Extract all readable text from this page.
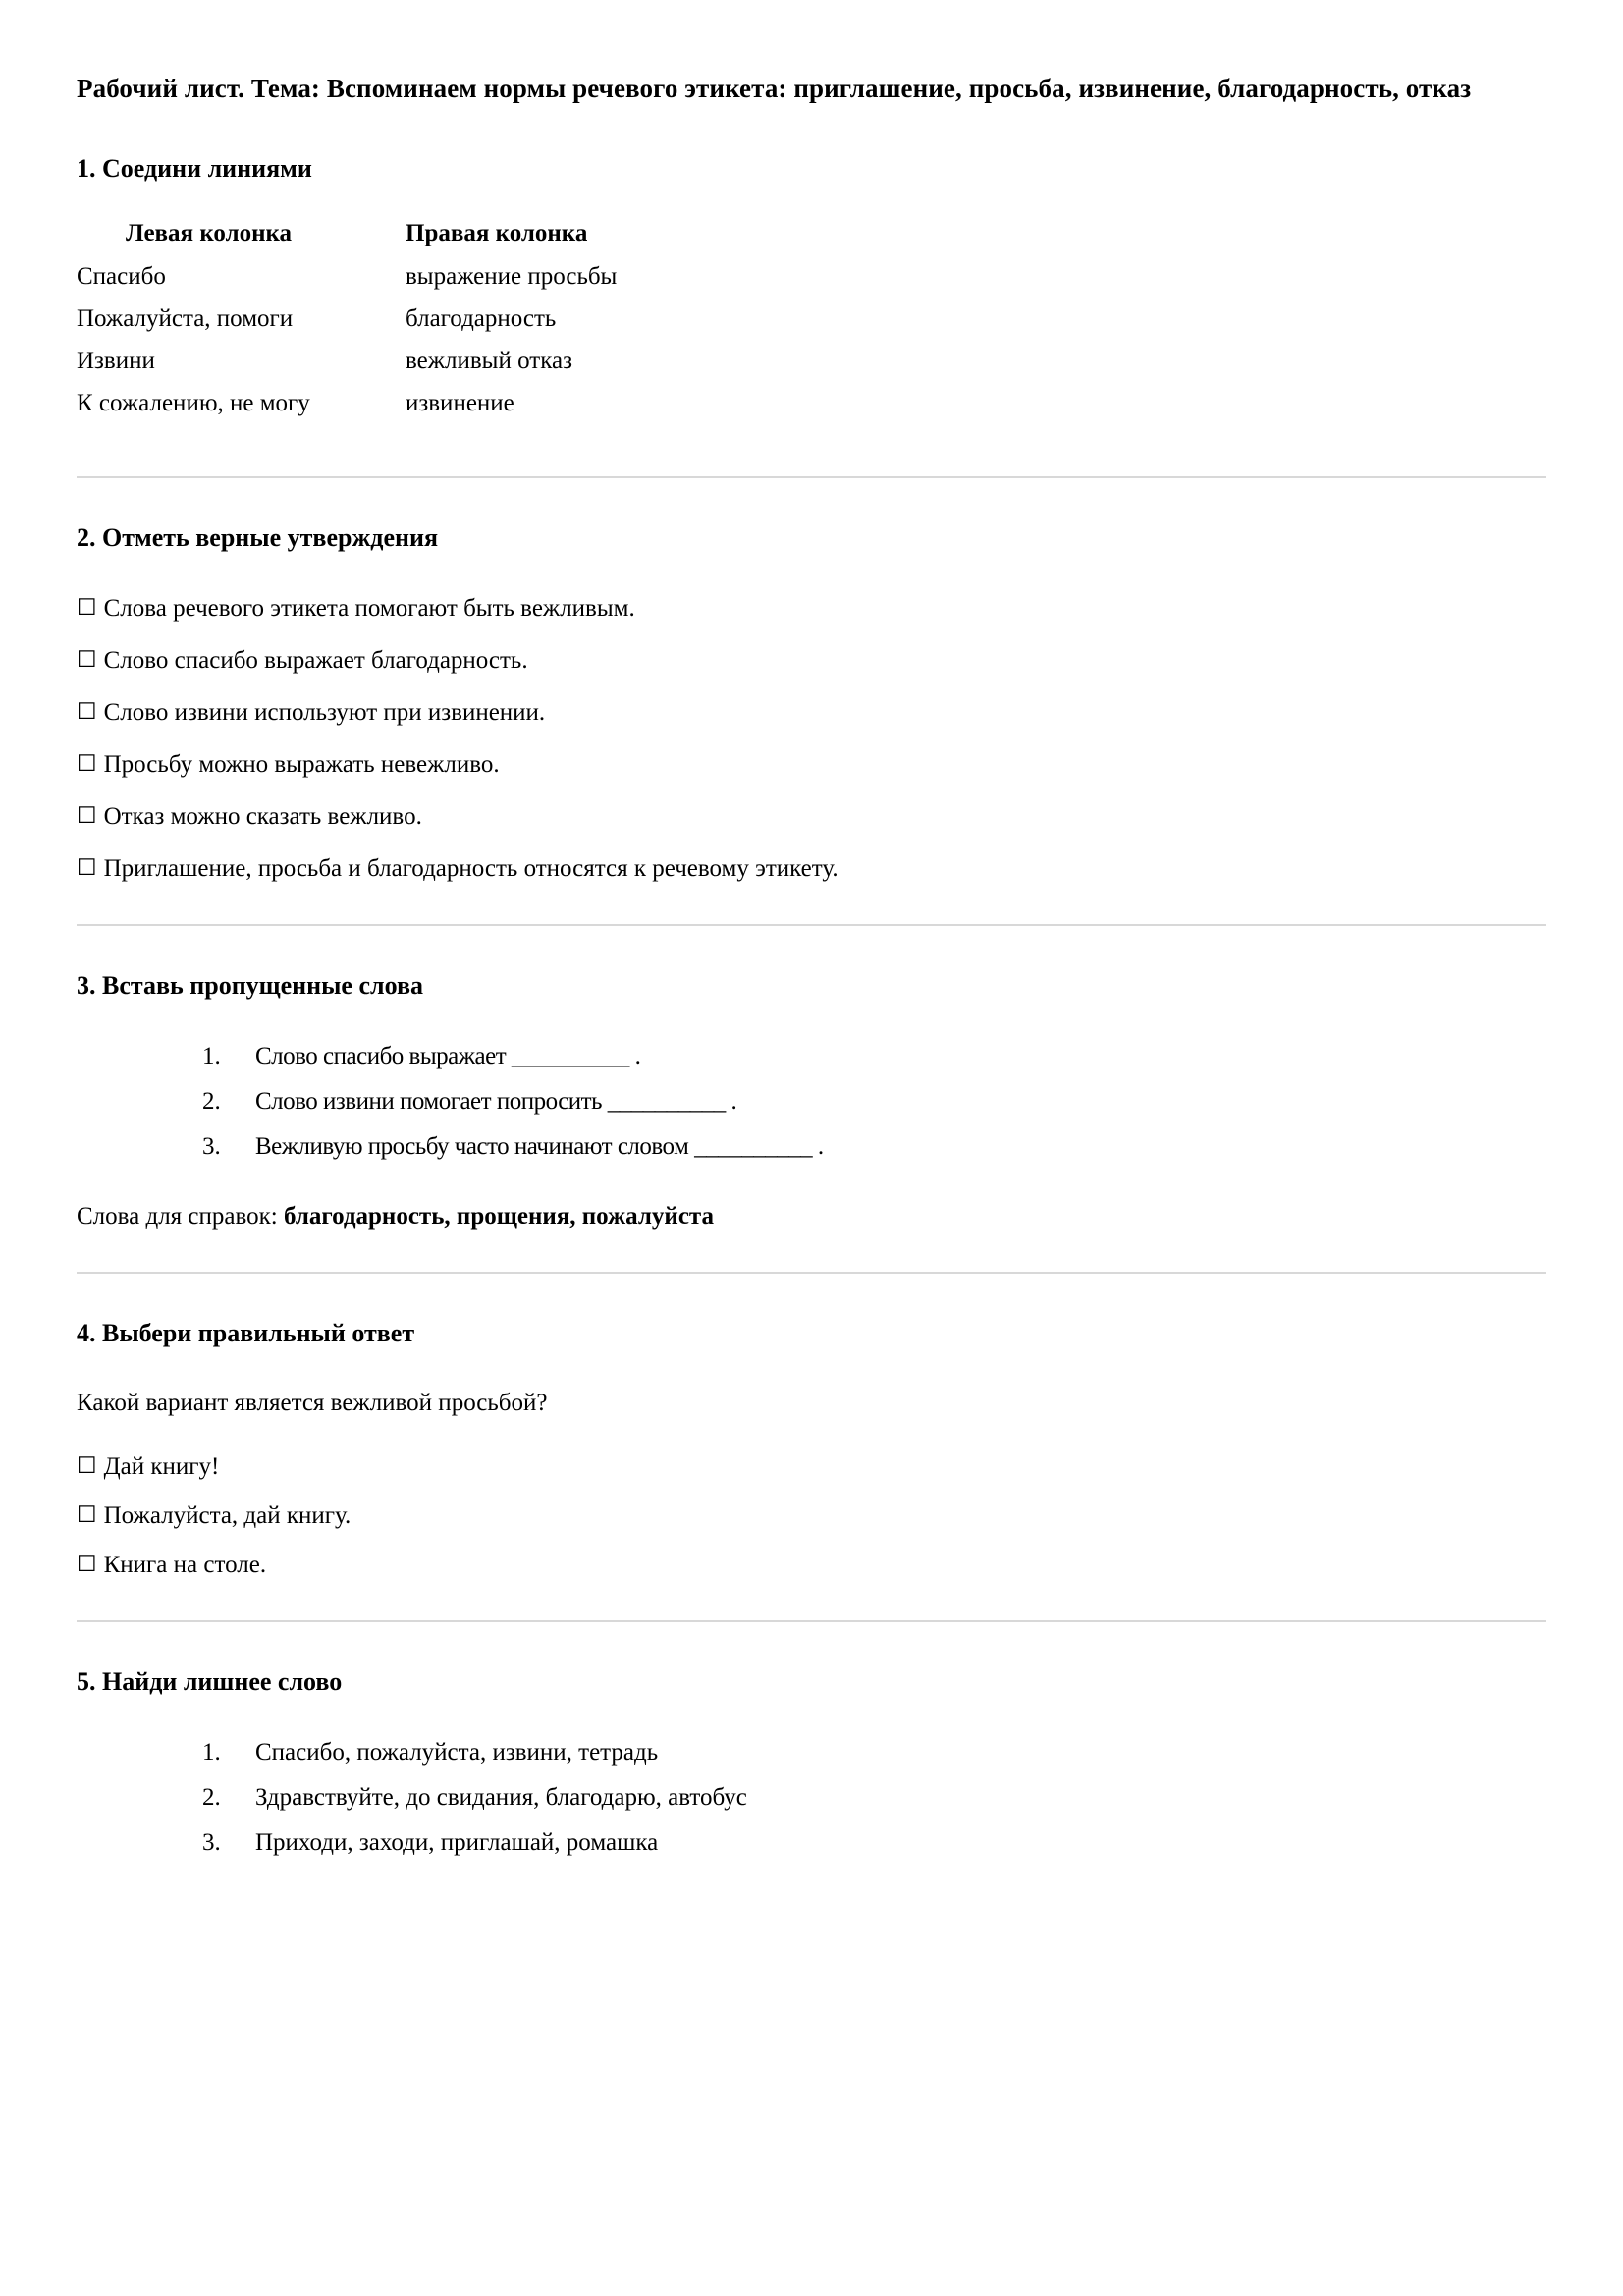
Рабочий лист. Тема: Вспоминаем нормы речевого этикета: приглашение, просьба, извинение, благодарность, отказ
1. Соедини линиями
Левая колонка	Правая колонка
Спасибо	выражение просьбы
Пожалуйста, помоги	благодарность
Извини	вежливый отказ
К сожалению, не могу	извинение
2. Отметь верные утверждения
☐ Слова речевого этикета помогают быть вежливым.
☐ Слово спасибо выражает благодарность.
☐ Слово извини используют при извинении.
☐ Просьбу можно выражать невежливо.
☐ Отказ можно сказать вежливо.
☐ Приглашение, просьба и благодарность относятся к речевому этикету.
3. Вставь пропущенные слова
Слово спасибо выражает __________ .
Слово извини помогает попросить __________ .
Вежливую просьбу часто начинают словом __________ .

Слова для справок: благодарность, прощения, пожалуйста

4. Выбери правильный ответ

Какой вариант является вежливой просьбой?

☐ Дай книгу!
☐ Пожалуйста, дай книгу.
☐ Книга на столе.
5. Найди лишнее слово
Спасибо, пожалуйста, извини, тетрадь
Здравствуйте, до свидания, благодарю, автобус
Приходи, заходи, приглашай, ромашка
